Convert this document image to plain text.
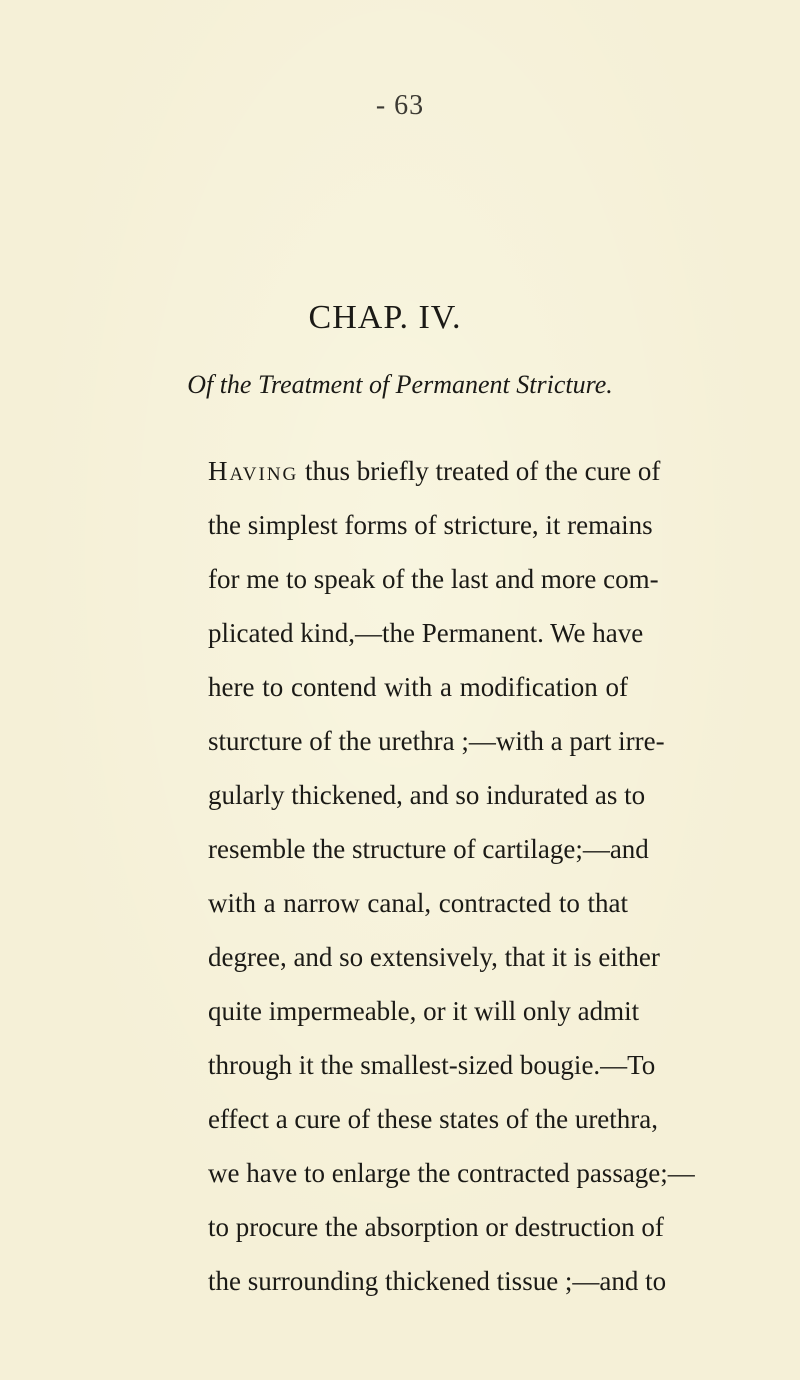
- 63
CHAP. IV.
Of the Treatment of Permanent Stricture.
Having thus briefly treated of the cure of
the simplest forms of stricture, it remains
for me to speak of the last and more com-
plicated kind,—the Permanent. We have
here to contend with a modification of
sturcture of the urethra ;—with a part irre-
gularly thickened, and so indurated as to
resemble the structure of cartilage;—and
with a narrow canal, contracted to that
degree, and so extensively, that it is either
quite impermeable, or it will only admit
through it the smallest-sized bougie.—To
effect a cure of these states of the urethra,
we have to enlarge the contracted passage;—
to procure the absorption or destruction of
the surrounding thickened tissue ;—and to
